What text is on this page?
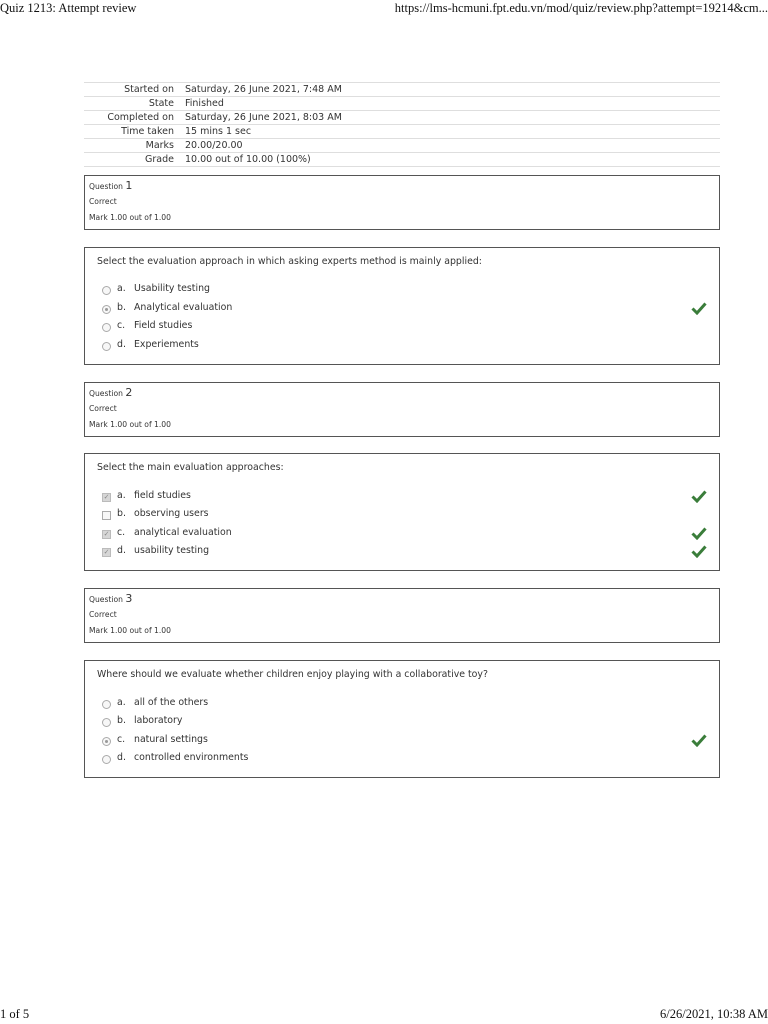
Quiz 1213: Attempt review	https://lms-hcmuni.fpt.edu.vn/mod/quiz/review.php?attempt=19214&cm...
Started on	Saturday, 26 June 2021, 7:48 AM
State	Finished
Completed on	Saturday, 26 June 2021, 8:03 AM
Time taken	15 mins 1 sec
Marks	20.00/20.00
Grade	10.00 out of 10.00 (100%)
Question 1
Correct
Mark 1.00 out of 1.00
Select the evaluation approach in which asking experts method is mainly applied:
a. Usability testing
b. Analytical evaluation
c. Field studies
d. Experiements
Question 2
Correct
Mark 1.00 out of 1.00
Select the main evaluation approaches:
✓
a. field studies
b. observing users
✓
c. analytical evaluation
✓
d. usability testing
Question 3
Correct
Mark 1.00 out of 1.00
Where should we evaluate whether children enjoy playing with a collaborative toy?
a. all of the others
b. laboratory
c. natural settings
d. controlled environments
1 of 5	6/26/2021, 10:38 AM
